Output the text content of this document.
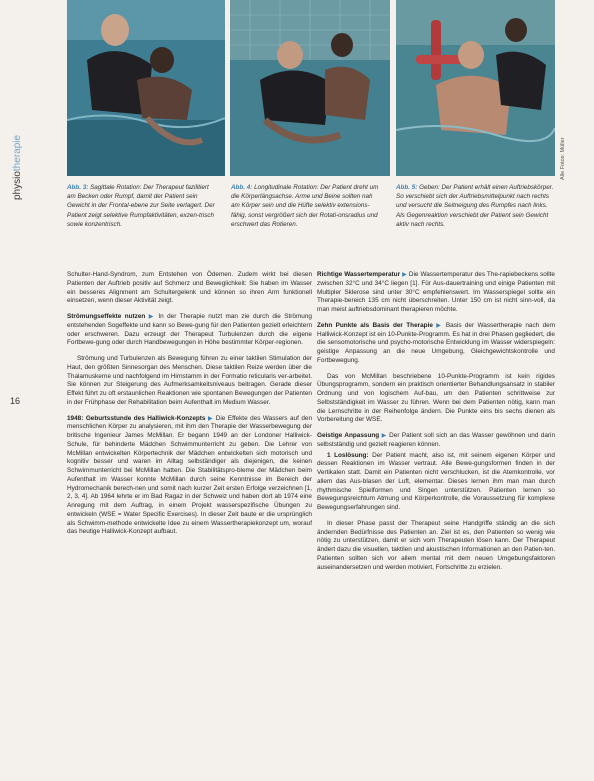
physiotherapie	Alle Fotos: Müller
Abb. 3: Sagittale Rotation: Der Therapeut fazilitiert am Becken oder Rumpf, damit der Patient sein Gewicht in der Frontal-ebene zur Seite verlagert. Der Patient zeigt selektive Rumpfaktivitäten, exzen-trisch sowie konzentrisch.
Abb. 4: Longitudinale Rotation: Der Patient dreht um die Körperlängsachse. Arme und Beine sollten nah am Körper sein und die Hüfte selektiv extensions-fähig, sonst vergrößert sich der Rotati-onsradius und erschwert das Rotieren.
Abb. 5: Geben: Der Patient erhält einen Auftriebskörper. So verschiebt sich der Auftriebsmittelpunkt nach rechts und versucht die Seitneigung des Rumpfes nach links. Als Gegenreaktion verschiebt der Patient sein Gewicht aktiv nach rechts.
16

Schulter-Hand-Syndrom, zum Entstehen von Ödemen. Zudem wirkt bei diesen Patienten der Auftrieb positiv auf Schmerz und Beweglichkeit: Sie haben im Wasser ein besseres Alignment am Schultergelenk und können so ihren Arm funktionell einsetzen, wenn dieser Aktivität zeigt.

Strömungseffekte nutzen ▶ In der Therapie nutzt man zie durch die Strömung entstehenden Sogeffekte und kann so Bewe-gung für den Patienten gezielt erleichtern oder erschweren. Dazu erzeugt der Therapeut Turbulenzen durch die eigene Fortbewe-gung oder durch Handbewegungen in Höhe bestimmter Körper-regionen.

Strömung und Turbulenzen als Bewegung führen zu einer taktilen Stimulation der Haut, den größten Sinnesorgan des Menschen. Diese taktilen Reize werden über die Thalamuskerne und nachfolgend im Hirnstamm in der Formatio reticularis ver-arbeitet. Sie können zur Steigerung des Aufmerksamkeitsniveaus beitragen. Gerade dieser Effekt führt zu oft erstaunlichen Reaktionen wie spontanen Bewegungen der Patienten in der Frühphase der Rehabilitation beim Aufenthalt im Medium Wasser.

1948: Geburtsstunde des Halliwick-Konzepts ▶ Die Effekte des Wassers auf den menschlichen Körper zu analysieren, mit ihm den Therapie der Wasserbewegung der britische Ingenieur James McMillan. Er begann 1949 an der Londoner Halliwick-Schule, für behinderte Mädchen Schwimmunterricht zu geben. Die Lehrer von McMillan entwickelten Körpertechnik der Mädchen entwickelten sich motorisch und kognitiv besser und waren im Alltag selbständiger als diejenigen, die keinen Schwimmunterricht bei McMillan hatten. Die Stabilitätspro-bleme der Mädchen beim Aufenthalt im Wasser konnte McMillan durch seine Kenntnisse im Bereich der Hydromechanik berech-nen und somit nach kurzer Zeit ersten Erfolge verzeichnen [1, 2, 3, 4]. Ab 1964 lehrte er im Bad Ragaz in der Schweiz und haben dort ab 1974 eine Anregung mit dem Auftrag, in einem Projekt wasserspezifische Übungen zu entwickeln (WSE = Water Specific Exercises). In dieser Zeit baute er die ursprünglich als Schwimm-methode entwickelte Idee zu einem Wassertherapiekonzept um, worauf das heutige Halliwick-Konzept aufbaut.

Richtige Wassertemperatur ▶ Die Wassertemperatur des The-rapiebeckens sollte zwischen 32°C und 34°C liegen [1]. Für Aus-dauertraining und einige Patienten mit Multipler Sklerose sind unter 30°C empfehlenswert. Im Wasserspiegel sollte ein Therapie-bereich 135 cm nicht überschreiten. Unter 150 cm ist nicht sinn-voll, da man meist auftriebsdominant therapieren möchte.

Zehn Punkte als Basis der Therapie ▶ Basis der Wassertherapie nach dem Halliwick-Konzept ist ein 10-Punkte-Programm. Es hat in drei Phasen gegliedert, die die sensomotorische und psycho-motorische Entwicklung im Wasser widerspiegeln: geistige Anpassung an die neue Umgebung, Gleichgewichtskontrolle und Fortbewegung.

Das von McMillan beschriebene 10-Punkte-Programm ist kein rigides Übungsprogramm, sondern ein praktisch orientierter Behandlungsansatz in stabiler Ordnung und von logischem Auf-bau, um den Patienten schrittweise zur Selbstständigkeit im Wasser zu führen. Wenn bei dem Patienten nötig, kann man die Lernschritte in der Reihenfolge ändern. Die Punkte eins bis sechs dienen als Vorbereitung der WSE.

Geistige Anpassung ▶ Der Patient soll sich an das Wasser gewöhnen und darin selbstständig und gezielt reagieren können.

1 Loslösung: Der Patient macht, also ist, mit seinem eigenen Körper und dessen Reaktionen im Wasser vertraut. Alle Bewe-gungsformen finden in der Vertikalen statt. Damit ein Patienten nicht verschlucken, ist die Atemkontrolle, vor allem das Aus-blasen der Luft, elementar. Dieses lernen ihm man man durch rhythmische Spielformen und Singen unterstützen. Patienten lernen so Bewegungsreichtum Atmung und Körperkontrolle, die Voraussetzung für komplexe Bewegungserfahrungen sind.

In dieser Phase passt der Therapeut seine Handgriffe ständig an die sich ändernden Bedürfnisse des Patienten an. Ziel ist es, den Patienten so wenig wie nötig zu unterstützen, damit er sich vom Therapeuten lösen kann. Der Therapeut ändert dazu die visuellen, taktilen und akustischen Informationen an den Patien-ten. Patienten sollten sich vor allem mental mit dem neuen Umgebungsfaktoren auseinandersetzen und werden motiviert, Fortschritte zu erzielen.
